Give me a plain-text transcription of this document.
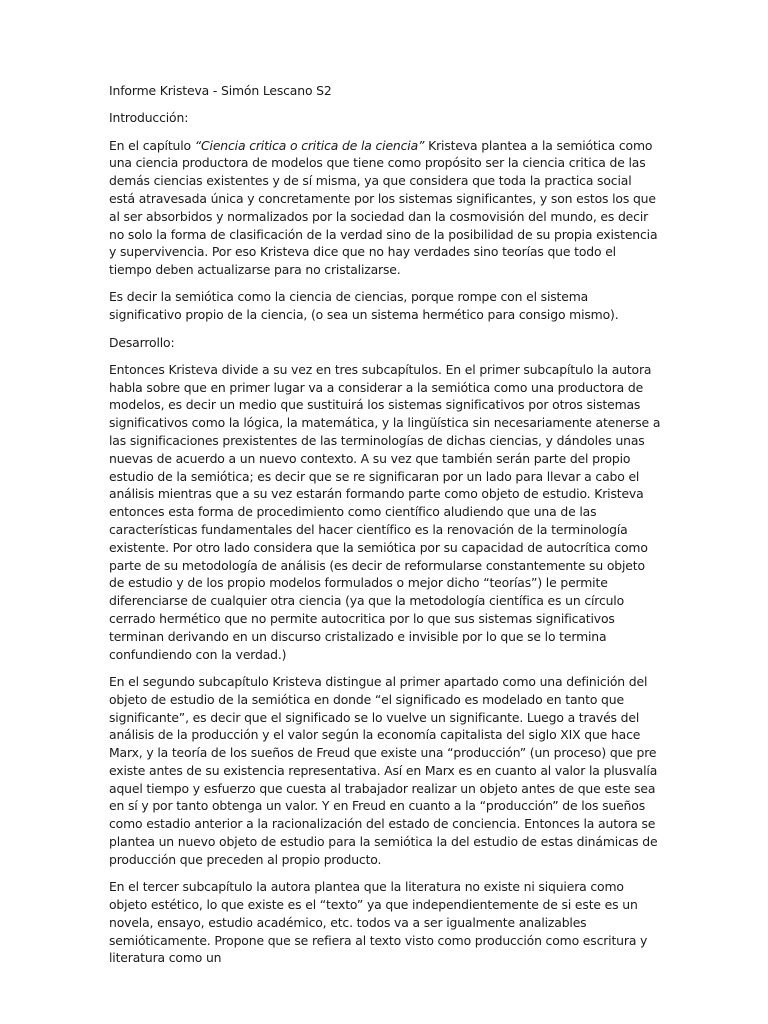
Informe Kristeva - Simón Lescano S2

Introducción:

En el capítulo “Ciencia critica o critica de la ciencia” Kristeva plantea a la semiótica como una ciencia productora de modelos que tiene como propósito ser la ciencia critica de las demás ciencias existentes y de sí misma, ya que considera que toda la practica social está atravesada única y concretamente por los sistemas significantes, y son estos los que al ser absorbidos y normalizados por la sociedad dan la cosmovisión del mundo, es decir no solo la forma de clasificación de la verdad sino de la posibilidad de su propia existencia y supervivencia. Por eso Kristeva dice que no hay verdades sino teorías que todo el tiempo deben actualizarse para no cristalizarse.

Es decir la semiótica como la ciencia de ciencias, porque rompe con el sistema significativo propio de la ciencia, (o sea un sistema hermético para consigo mismo).

Desarrollo:

Entonces Kristeva divide a su vez en tres subcapítulos. En el primer subcapítulo la autora habla sobre que en primer lugar va a considerar a la semiótica como una productora de modelos, es decir un medio que sustituirá los sistemas significativos por otros sistemas significativos como la lógica, la matemática, y la lingüística sin necesariamente atenerse a las significaciones prexistentes de las terminologías de dichas ciencias, y dándoles unas nuevas de acuerdo a un nuevo contexto. A su vez que también serán parte del propio estudio de la semiótica; es decir que se re significaran por un lado para llevar a cabo el análisis mientras que a su vez estarán formando parte como objeto de estudio. Kristeva entonces esta forma de procedimiento como científico aludiendo que una de las características fundamentales del hacer científico es la renovación de la terminología existente. Por otro lado considera que la semiótica por su capacidad de autocrítica como parte de su metodología de análisis (es decir de reformularse constantemente su objeto de estudio y de los propio modelos formulados o mejor dicho “teorías”) le permite diferenciarse de cualquier otra ciencia (ya que la metodología científica es un círculo cerrado hermético que no permite autocritica por lo que sus sistemas significativos terminan derivando en un discurso cristalizado e invisible por lo que se lo termina confundiendo con la verdad.)

En el segundo subcapítulo Kristeva distingue al primer apartado como una definición del objeto de estudio de la semiótica en donde “el significado es modelado en tanto que significante”, es decir que el significado se lo vuelve un significante. Luego a través del análisis de la producción y el valor según la economía capitalista del siglo XIX que hace Marx, y la teoría de los sueños de Freud que existe una “producción” (un proceso) que pre existe antes de su existencia representativa. Así en Marx es en cuanto al valor la plusvalía aquel tiempo y esfuerzo que cuesta al trabajador realizar un objeto antes de que este sea en sí y por tanto obtenga un valor. Y en Freud en cuanto a la “producción” de los sueños como estadio anterior a la racionalización del estado de conciencia. Entonces la autora se plantea un nuevo objeto de estudio para la semiótica la del estudio de estas dinámicas de producción que preceden al propio producto.

En el tercer subcapítulo la autora plantea que la literatura no existe ni siquiera como objeto estético, lo que existe es el “texto” ya que independientemente de si este es un novela, ensayo, estudio académico, etc. todos va a ser igualmente analizables semióticamente. Propone que se refiera al texto visto como producción como escritura y literatura como un
